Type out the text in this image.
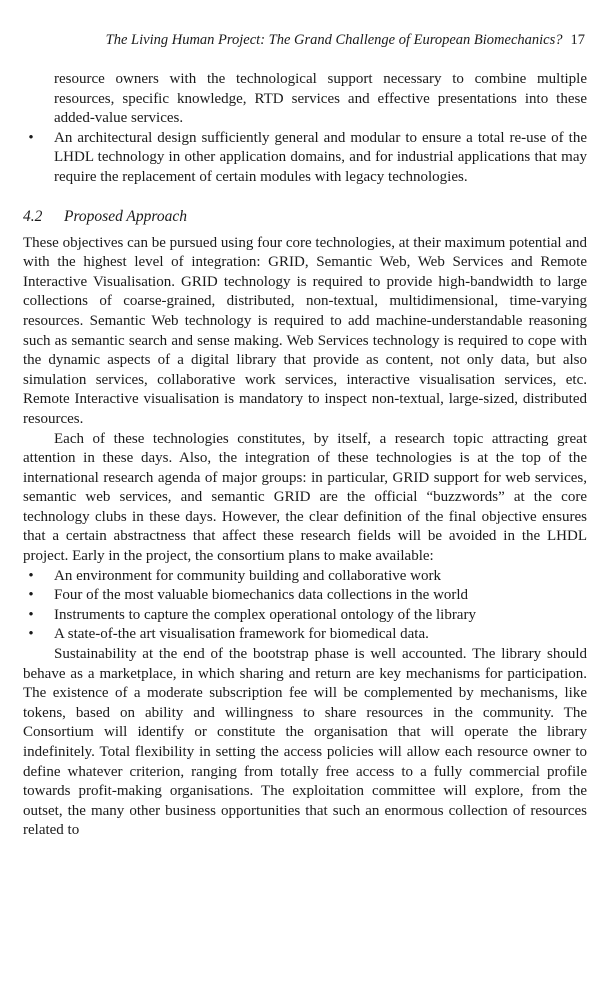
The Living Human Project: The Grand Challenge of European Biomechanics? 17

resource owners with the technological support necessary to combine multiple resources, specific knowledge, RTD services and effective presentations into these added-value services.

• An architectural design sufficiently general and modular to ensure a total re-use of the LHDL technology in other application domains, and for industrial applications that may require the replacement of certain modules with legacy technologies.
4.2 Proposed Approach

These objectives can be pursued using four core technologies, at their maximum potential and with the highest level of integration: GRID, Semantic Web, Web Services and Remote Interactive Visualisation. GRID technology is required to provide high-bandwidth to large collections of coarse-grained, distributed, non-textual, multidimensional, time-varying resources. Semantic Web technology is required to add machine-understandable reasoning such as semantic search and sense making. Web Services technology is required to cope with the dynamic aspects of a digital library that provide as content, not only data, but also simulation services, collaborative work services, interactive visualisation services, etc. Remote Interactive visualisation is mandatory to inspect non-textual, large-sized, distributed resources.

Each of these technologies constitutes, by itself, a research topic attracting great attention in these days. Also, the integration of these technologies is at the top of the international research agenda of major groups: in particular, GRID support for web services, semantic web services, and semantic GRID are the official “buzzwords” at the core technology clubs in these days. However, the clear definition of the final objective ensures that a certain abstractness that affect these research fields will be avoided in the LHDL project. Early in the project, the consortium plans to make available:

• An environment for community building and collaborative work
• Four of the most valuable biomechanics data collections in the world
• Instruments to capture the complex operational ontology of the library
• A state-of-the art visualisation framework for biomedical data.

Sustainability at the end of the bootstrap phase is well accounted. The library should behave as a marketplace, in which sharing and return are key mechanisms for participation. The existence of a moderate subscription fee will be complemented by mechanisms, like tokens, based on ability and willingness to share resources in the community. The Consortium will identify or constitute the organisation that will operate the library indefinitely. Total flexibility in setting the access policies will allow each resource owner to define whatever criterion, ranging from totally free access to a fully commercial profile towards profit-making organisations. The exploitation committee will explore, from the outset, the many other business opportunities that such an enormous collection of resources related to
